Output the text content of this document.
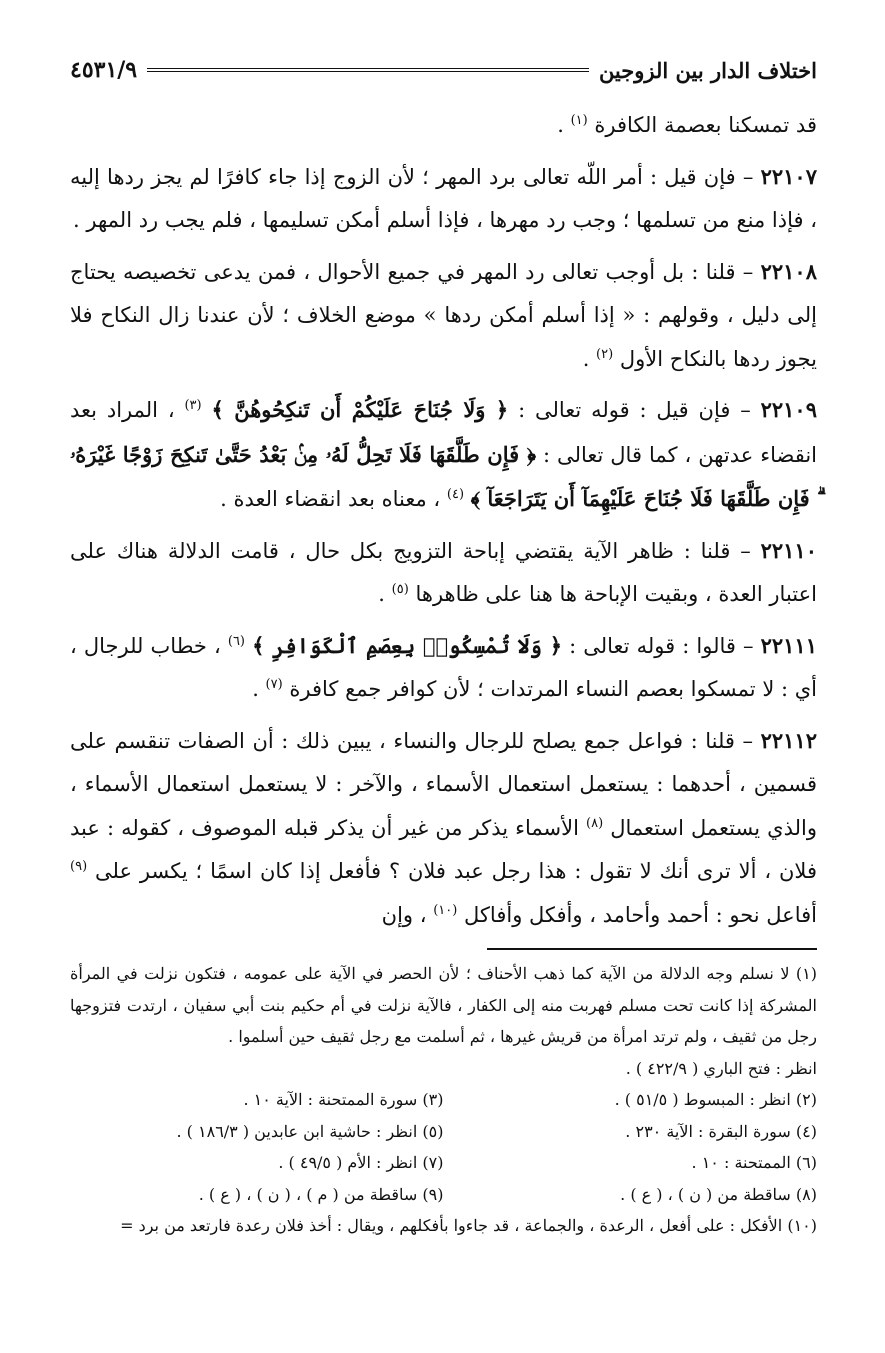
اختلاف الدار بين الزوجين
٤٥٣١/٩

قد تمسكنا بعصمة الكافرة $^{(١)}$ .

٢٢١٠٧ – فإن قيل : أمر اللّه تعالى برد المهر ؛ لأن الزوج إذا جاء كافرًا لم يجز ردها إليه ، فإذا منع من تسلمها ؛ وجب رد مهرها ، فإذا أسلم أمكن تسليمها ، فلم يجب رد المهر .

٢٢١٠٨ – قلنا : بل أوجب تعالى رد المهر في جميع الأحوال ، فمن يدعى تخصيصه يحتاج إلى دليل ، وقولهم : « إذا أسلم أمكن ردها » موضع الخلاف ؛ لأن عندنا زال النكاح فلا يجوز ردها بالنكاح الأول $^{(٢)}$ .

٢٢١٠٩ – فإن قيل : قوله تعالى : ﴿ وَلَا جُنَاحَ عَلَيْكُمْ أَن تَنكِحُوهُنَّ ﴾ $^{(٣)}$ ، المراد بعد انقضاء عدتهن ، كما قال تعالى : ﴿ فَإِن طَلَّقَهَا فَلَا تَحِلُّ لَهُۥ مِنۢ بَعْدُ حَتَّىٰ تَنكِحَ زَوْجًا غَيْرَهُۥ ۗ فَإِن طَلَّقَهَا فَلَا جُنَاحَ عَلَيْهِمَآ أَن يَتَرَاجَعَآ ﴾ $^{(٤)}$ ، معناه بعد انقضاء العدة .

٢٢١١٠ – قلنا : ظاهر الآية يقتضي إباحة التزويج بكل حال ، قامت الدلالة هناك على اعتبار العدة ، وبقيت الإباحة ها هنا على ظاهرها $^{(٥)}$ .

٢٢١١١ – قالوا : قوله تعالى : ﴿ وَلَا تُمْسِكُوا۟ بِعِصَمِ ٱلْكَوَافِرِ ﴾ $^{(٦)}$ ، خطاب للرجال ، أي : لا تمسكوا بعصم النساء المرتدات ؛ لأن كوافر جمع كافرة $^{(٧)}$ .

٢٢١١٢ – قلنا : فواعل جمع يصلح للرجال والنساء ، يبين ذلك : أن الصفات تنقسم على قسمين ، أحدهما : يستعمل استعمال الأسماء ، والآخر : لا يستعمل استعمال الأسماء ، والذي يستعمل استعمال $^{(٨)}$ الأسماء يذكر من غير أن يذكر قبله الموصوف ، كقوله : عبد فلان ، ألا ترى أنك لا تقول : هذا رجل عبد فلان ؟ فأفعل إذا كان اسمًا ؛ يكسر على $^{(٩)}$ أفاعل نحو : أحمد وأحامد ، وأفكل وأفاكل $^{(١٠)}$ ، وإن

(١) لا نسلم وجه الدلالة من الآية كما ذهب الأحناف ؛ لأن الحصر في الآية على عمومه ، فتكون نزلت في المرأة المشركة إذا كانت تحت مسلم فهربت منه إلى الكفار ، فالآية نزلت في أم حكيم بنت أبي سفيان ، ارتدت فتزوجها رجل من ثقيف ، ولم ترتد امرأة من قريش غيرها ، ثم أسلمت مع رجل ثقيف حين أسلموا .

انظر : فتح الباري ( ٤٢٢/٩ ) .

(٢) انظر : المبسوط ( ٥١/٥ ) .
(٣) سورة الممتحنة : الآية ١٠ .
(٤) سورة البقرة : الآية ٢٣٠ .
(٥) انظر : حاشية ابن عابدين ( ١٨٦/٣ ) .
(٦) الممتحنة : ١٠ .
(٧) انظر : الأم ( ٤٩/٥ ) .
(٨) ساقطة من ( ن ) ، ( ع ) .
(٩) ساقطة من ( م ) ، ( ن ) ، ( ع ) .

(١٠) الأفكل : على أفعل ، الرعدة ، والجماعة ، قد جاءوا بأفكلهم ، ويقال : أخذ فلان رعدة فارتعد من برد =
